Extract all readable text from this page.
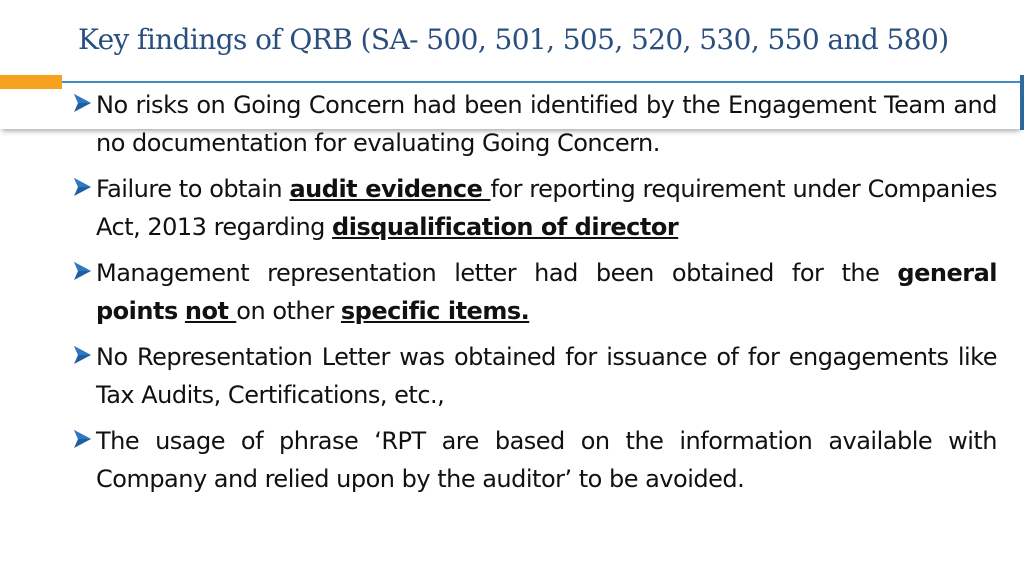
Key findings of QRB (SA- 500, 501, 505, 520, 530, 550 and 580)
No risks on Going Concern had been identified by the Engagement Team and no documentation for evaluating Going Concern.
Failure to obtain audit evidence for reporting requirement under Companies Act, 2013 regarding disqualification of director
Management representation letter had been obtained for the general points not on other specific items.
No Representation Letter was obtained for issuance of for engagements like Tax Audits, Certifications, etc.,
The usage of phrase ‘RPT are based on the information available with Company and relied upon by the auditor’ to be avoided.
